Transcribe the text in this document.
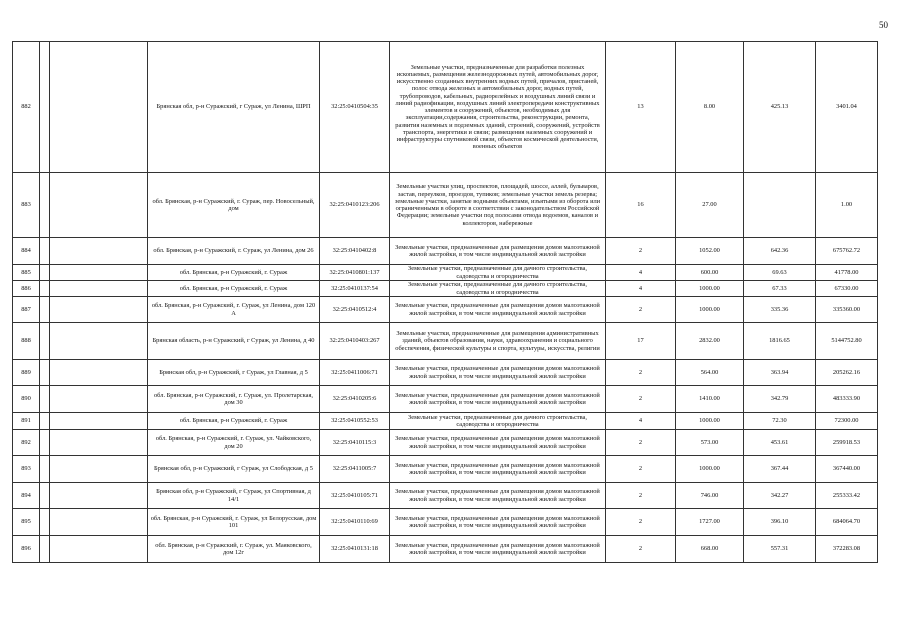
50
882			Брянская обл, р-н Суражский, г Сураж, ул Ленина, ШРП	32:25:0410504:35	Земельные участки, предназначенные для разработки полезных ископаемых, размещения железнодорожных путей, автомобильных дорог, искусственно созданных внутренних водных путей, причалов, пристаней, полос отвода железных и автомобильных дорог, водных путей, трубопроводов, кабельных, радиорелейных и воздушных линий связи и линий радиофикации, воздушных линий электропередачи конструктивных элементов и сооружений, объектов, необходимых для эксплуатации,содержания, строительства, реконструкции, ремонта, развития наземных и подземных зданий, строений, сооружений, устройств транспорта, энергетики и связи; размещения наземных сооружений и инфраструктуры спутниковой связи, объектов космической деятельности, военных объектов	13	8.00	425.13	3401.04
883			обл. Брянская, р-н Суражский, г. Сураж, пер. Новосельный, дом	32:25:0410123:206	Земельные участки улиц, проспектов, площадей, шоссе, аллей, бульваров, застав, переулков, проездов, тупиков; земельные участки земель резерва; земельные участки, занятые водными объектами, изъятыми из оборота или ограниченными в обороте в соответствии с законодательством Российской Федерации; земельные участки под полосами отвода водоемов, каналов и коллекторов, набережные	16	27.00		1.00
884			обл. Брянская, р-н Суражский, г. Сураж, ул Ленина, дом 26	32:25:0410402:8	Земельные участки, предназначенные для размещения домов малоэтажной жилой застройки, в том числе индивидуальной жилой застройки	2	1052.00	642.36	675762.72
885			обл. Брянская, р-н Суражский, г. Сураж	32:25:0410801:137	Земельные участки, предназначенные для дачного строительства, садоводства и огородничества	4	600.00	69.63	41778.00
886			обл. Брянская, р-н Суражский, г. Сураж	32:25:0410137:54	Земельные участки, предназначенные для дачного строительства, садоводства и огородничества	4	1000.00	67.33	67330.00
887			обл. Брянская, р-н Суражский, г. Сураж, ул Ленина, дом 120 А	32:25:0410512:4	Земельные участки, предназначенные для размещения домов малоэтажной жилой застройки, в том числе индивидуальной жилой застройки	2	1000.00	335.36	335360.00
888			Брянская область, р-н Суражский, г Сураж, ул Ленина, д 40	32:25:0410403:267	Земельные участки, предназначенные для размещения административных зданий, объектов образования, науки, здравоохранения и социального обеспечения, физической культуры и спорта, культуры, искусства, религии	17	2832.00	1816.65	5144752.80
889			Брянская обл, р-н Суражский, г Сураж, ул Главная, д 5	32:25:0411006:71	Земельные участки, предназначенные для размещения домов малоэтажной жилой застройки, в том числе индивидуальной жилой застройки	2	564.00	363.94	205262.16
890			обл. Брянская, р-н Суражский, г. Сураж, ул. Пролетарская, дом 30	32:25:0410205:6	Земельные участки, предназначенные для размещения домов малоэтажной жилой застройки, в том числе индивидуальной жилой застройки	2	1410.00	342.79	483333.90
891			обл. Брянская, р-н Суражский, г. Сураж	32:25:0410552:53	Земельные участки, предназначенные для дачного строительства, садоводства и огородничества	4	1000.00	72.30	72300.00
892			обл. Брянская, р-н Суражский, г. Сураж, ул. Чайковского, дом 20	32:25:0410115:3	Земельные участки, предназначенные для размещения домов малоэтажной жилой застройки, в том числе индивидуальной жилой застройки	2	573.00	453.61	259918.53
893			Брянская обл, р-н Суражский, г Сураж, ул Слободская, д 5	32:25:0411005:7	Земельные участки, предназначенные для размещения домов малоэтажной жилой застройки, в том числе индивидуальной жилой застройки	2	1000.00	367.44	367440.00
894			Брянская обл, р-н Суражский, г Сураж, ул Спортивная, д 14/1	32:25:0410105:71	Земельные участки, предназначенные для размещения домов малоэтажной жилой застройки, в том числе индивидуальной жилой застройки	2	746.00	342.27	255333.42
895			обл. Брянская, р-н Суражский, г. Сураж, ул Белорусская, дом 101	32:25:0410110:69	Земельные участки, предназначенные для размещения домов малоэтажной жилой застройки, в том числе индивидуальной жилой застройки	2	1727.00	396.10	684064.70
896			обл. Брянская, р-н Суражский, г. Сураж, ул. Маяковского, дом 12г	32:25:0410131:18	Земельные участки, предназначенные для размещения домов малоэтажной жилой застройки, в том числе индивидуальной жилой застройки	2	668.00	557.31	372283.08
